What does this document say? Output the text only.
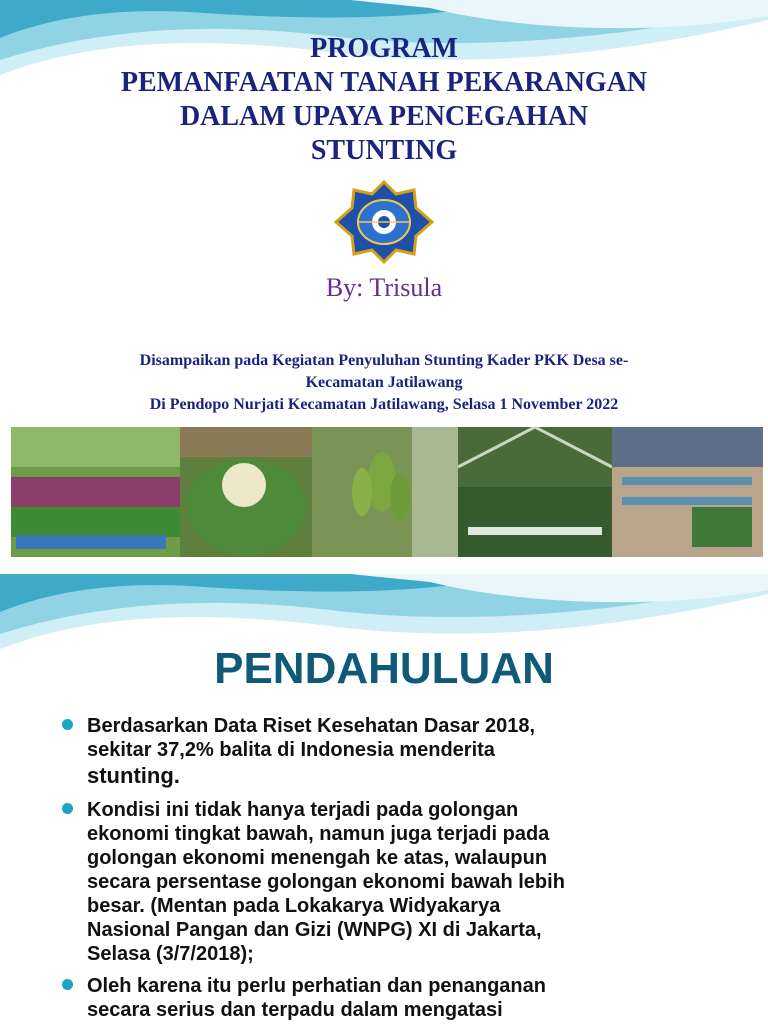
PROGRAM
PEMANFAATAN TANAH PEKARANGAN
DALAM UPAYA PENCEGAHAN
STUNTING
By: Trisula
Disampaikan pada Kegiatan Penyuluhan Stunting Kader PKK Desa se-
Kecamatan Jatilawang
Di Pendopo Nurjati Kecamatan Jatilawang, Selasa 1 November 2022
PENDAHULUAN
Berdasarkan Data Riset Kesehatan Dasar 2018,
sekitar 37,2% balita di Indonesia menderita
stunting.
Kondisi ini tidak hanya terjadi pada golongan
ekonomi tingkat bawah, namun juga terjadi pada
golongan ekonomi menengah ke atas, walaupun
secara persentase golongan ekonomi bawah lebih
besar. (Mentan pada Lokakarya Widyakarya
Nasional Pangan dan Gizi (WNPG) XI di Jakarta,
Selasa (3/7/2018);
Oleh karena itu perlu perhatian dan penanganan
secara serius dan terpadu dalam mengatasi
